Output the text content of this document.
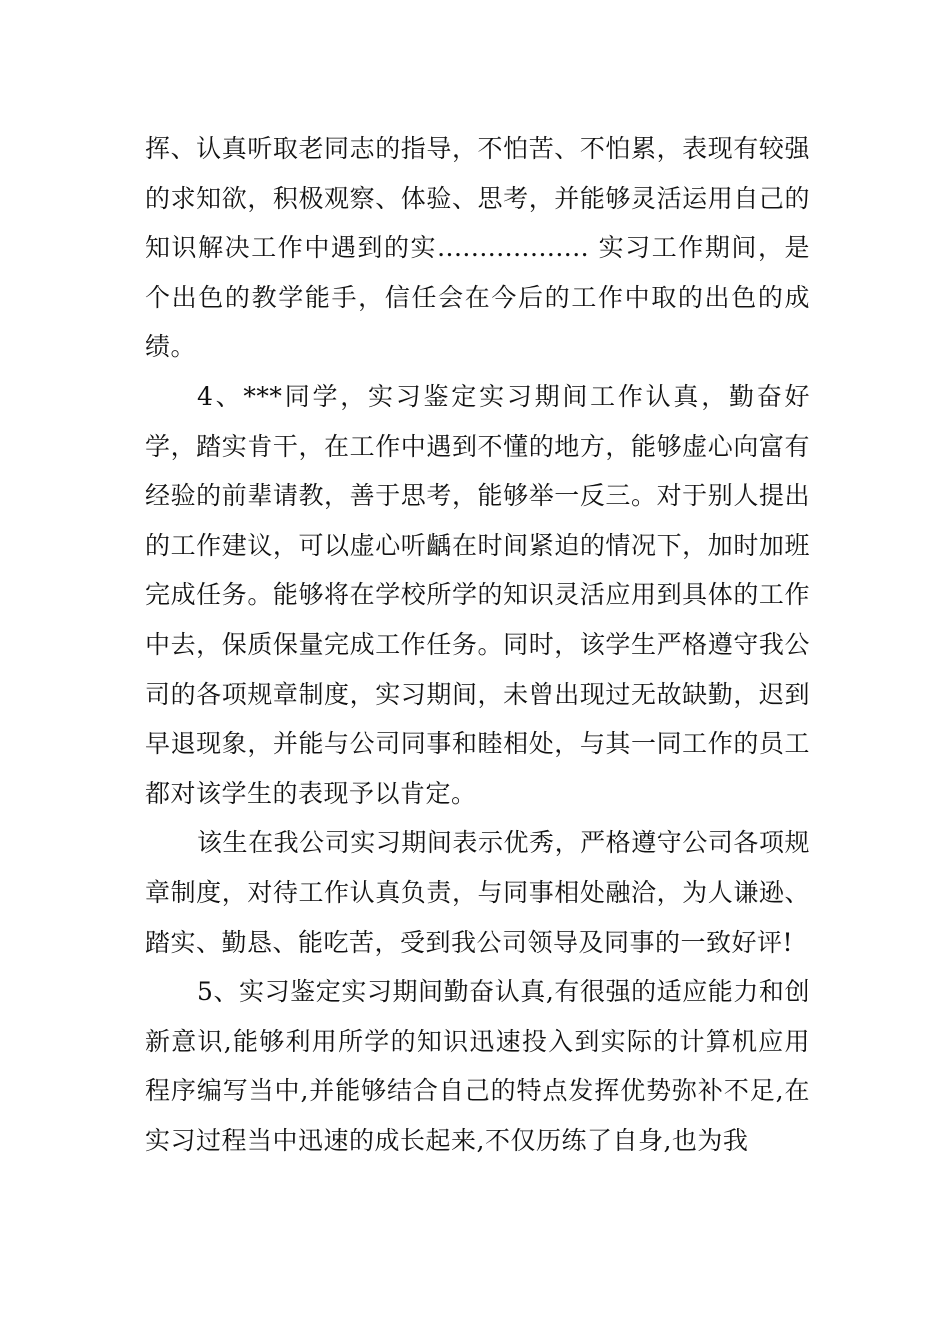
挥、认真听取老同志的指导，不怕苦、不怕累，表现有较强的求知欲，积极观察、体验、思考，并能够灵活运用自己的知识解决工作中遇到的实.................. 实习工作期间，是个出色的教学能手，信任会在今后的工作中取的出色的成绩。

4、***同学，实习鉴定实习期间工作认真，勤奋好学，踏实肯干，在工作中遇到不懂的地方，能够虚心向富有经验的前辈请教，善于思考，能够举一反三。对于别人提出的工作建议，可以虚心听齲在时间紧迫的情况下，加时加班完成任务。能够将在学校所学的知识灵活应用到具体的工作中去，保质保量完成工作任务。同时，该学生严格遵守我公司的各项规章制度，实习期间，未曾出现过无故缺勤，迟到早退现象，并能与公司同事和睦相处，与其一同工作的员工都对该学生的表现予以肯定。

该生在我公司实习期间表示优秀，严格遵守公司各项规章制度，对待工作认真负责，与同事相处融洽，为人谦逊、踏实、勤恳、能吃苦，受到我公司领导及同事的一致好评!

5、实习鉴定实习期间勤奋认真,有很强的适应能力和创新意识,能够利用所学的知识迅速投入到实际的计算机应用程序编写当中,并能够结合自己的特点发挥优势弥补不足,在实习过程当中迅速的成长起来,不仅历练了自身,也为我
